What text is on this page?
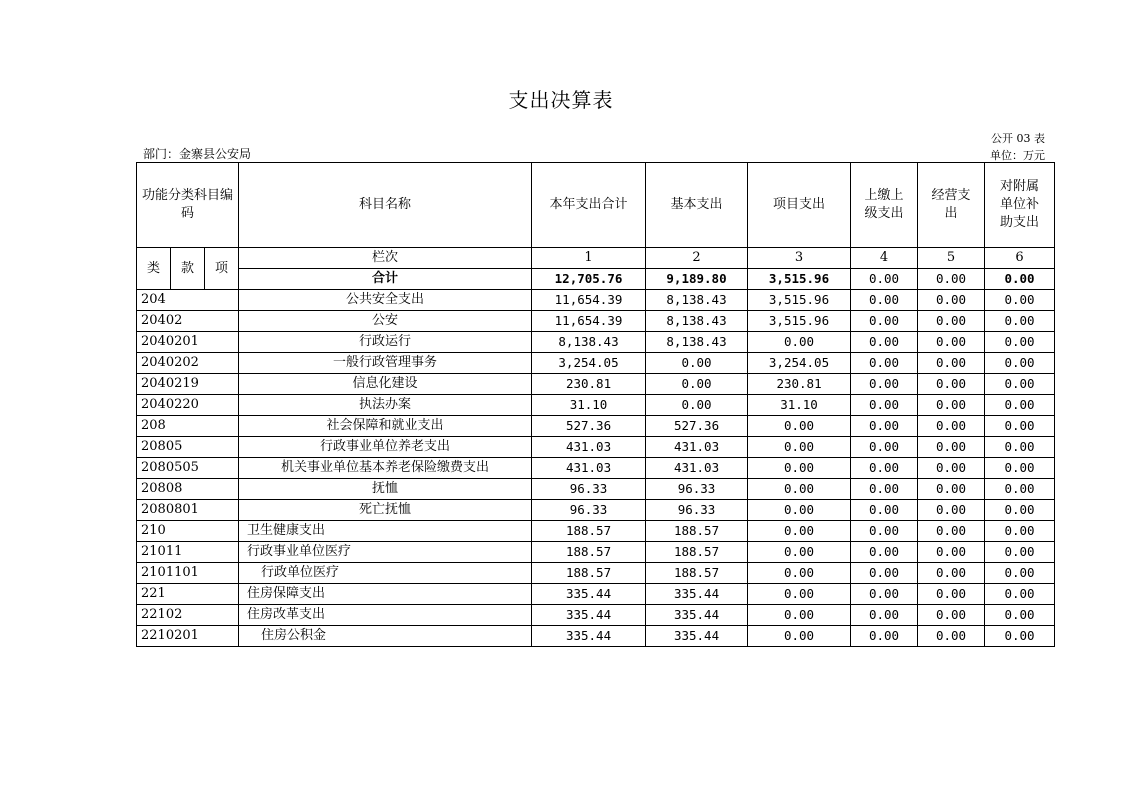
支出决算表
公开 03 表
部门：金寨县公安局	单位：万元
功能分类科目编码			科目名称	本年支出合计	基本支出	项目支出	上缴上级支出	经营支出	对附属单位补助支出
类	款	项	栏次	1	2	3	4	5	6
			合计	12,705.76	9,189.80	3,515.96	0.00	0.00	0.00
204			公共安全支出	11,654.39	8,138.43	3,515.96	0.00	0.00	0.00
20402			公安	11,654.39	8,138.43	3,515.96	0.00	0.00	0.00
2040201			行政运行	8,138.43	8,138.43	0.00	0.00	0.00	0.00
2040202			一般行政管理事务	3,254.05	0.00	3,254.05	0.00	0.00	0.00
2040219			信息化建设	230.81	0.00	230.81	0.00	0.00	0.00
2040220			执法办案	31.10	0.00	31.10	0.00	0.00	0.00
208			社会保障和就业支出	527.36	527.36	0.00	0.00	0.00	0.00
20805			行政事业单位养老支出	431.03	431.03	0.00	0.00	0.00	0.00
2080505			机关事业单位基本养老保险缴费支出	431.03	431.03	0.00	0.00	0.00	0.00
20808			抚恤	96.33	96.33	0.00	0.00	0.00	0.00
2080801			死亡抚恤	96.33	96.33	0.00	0.00	0.00	0.00
210			卫生健康支出	188.57	188.57	0.00	0.00	0.00	0.00
21011			行政事业单位医疗	188.57	188.57	0.00	0.00	0.00	0.00
2101101			行政单位医疗	188.57	188.57	0.00	0.00	0.00	0.00
221			住房保障支出	335.44	335.44	0.00	0.00	0.00	0.00
22102			住房改革支出	335.44	335.44	0.00	0.00	0.00	0.00
2210201			住房公积金	335.44	335.44	0.00	0.00	0.00	0.00
